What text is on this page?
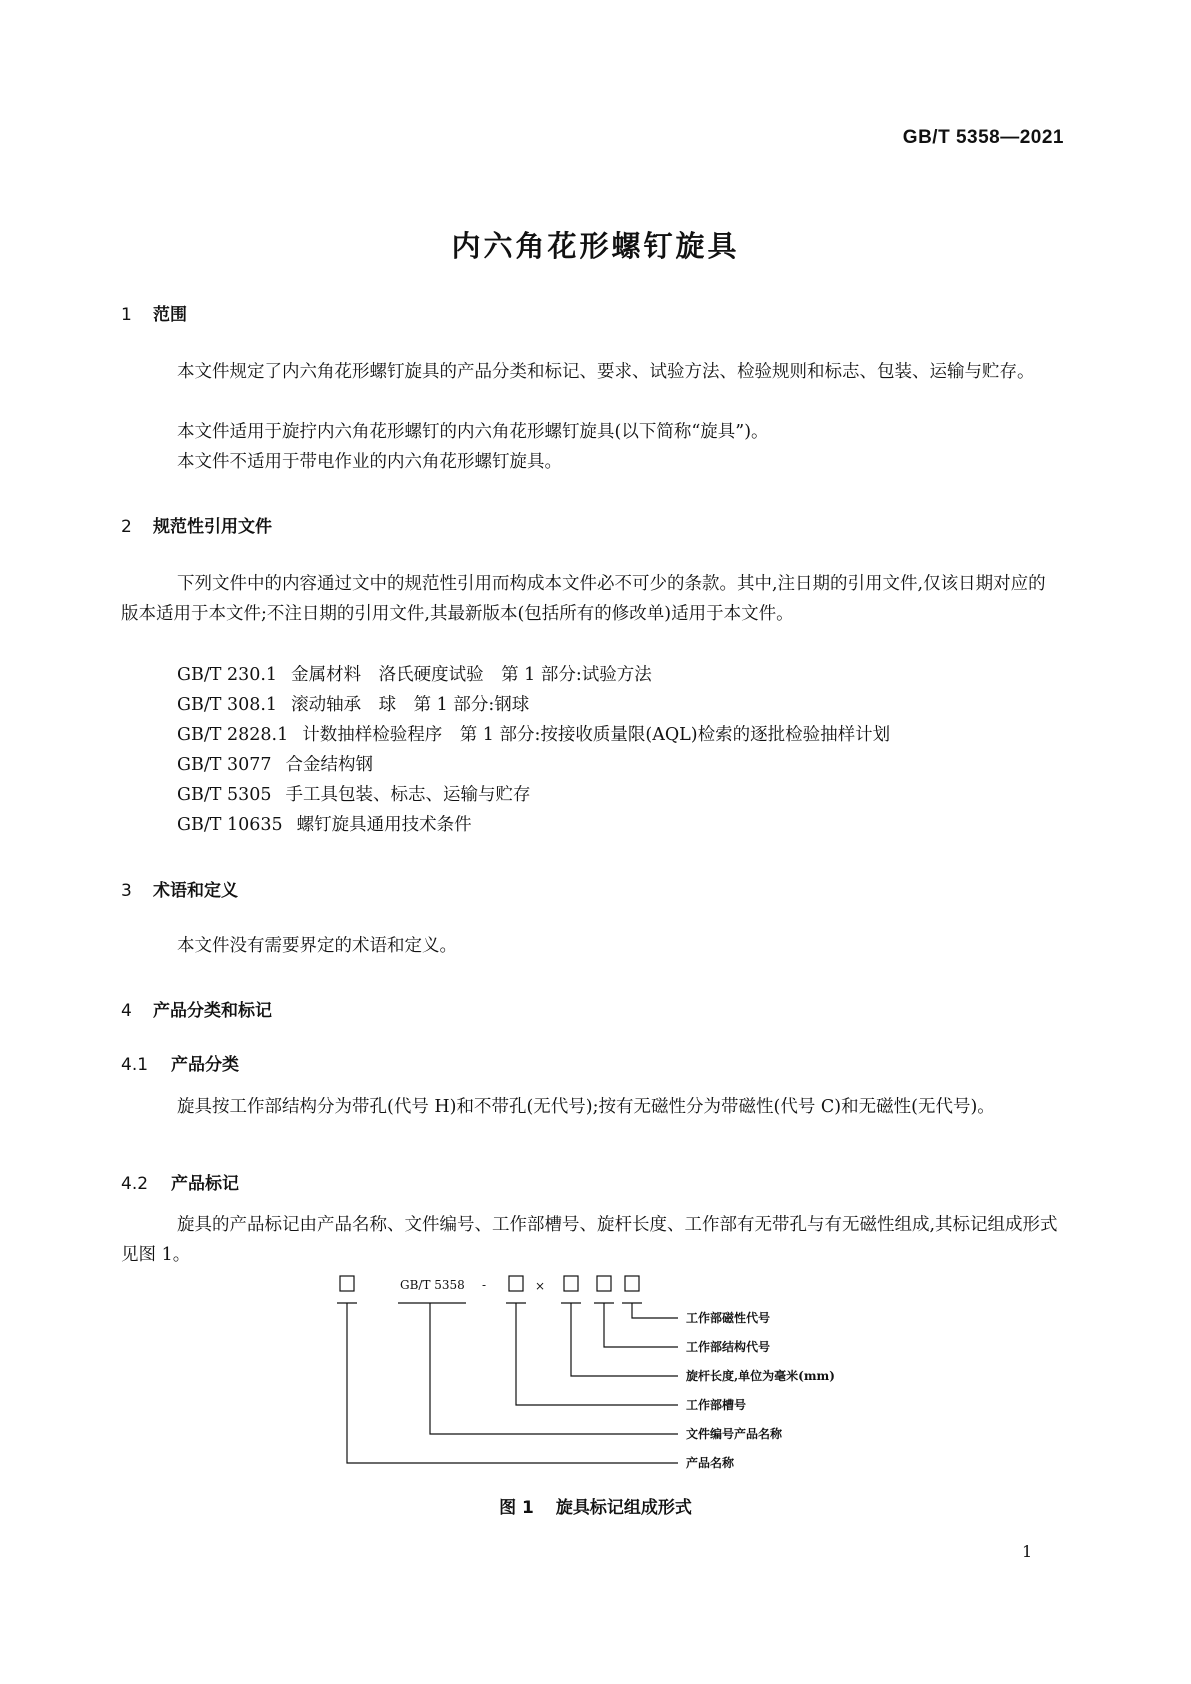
GB/T 5358—2021
内六角花形螺钉旋具
1 范围
本文件规定了内六角花形螺钉旋具的产品分类和标记、要求、试验方法、检验规则和标志、包装、运输与贮存。
本文件适用于旋拧内六角花形螺钉的内六角花形螺钉旋具(以下简称“旋具”)。
本文件不适用于带电作业的内六角花形螺钉旋具。
2 规范性引用文件
下列文件中的内容通过文中的规范性引用而构成本文件必不可少的条款。其中,注日期的引用文件,仅该日期对应的版本适用于本文件;不注日期的引用文件,其最新版本(包括所有的修改单)适用于本文件。
GB/T 230.1 金属材料　洛氏硬度试验　第 1 部分:试验方法
GB/T 308.1 滚动轴承　球　第 1 部分:钢球
GB/T 2828.1 计数抽样检验程序　第 1 部分:按接收质量限(AQL)检索的逐批检验抽样计划
GB/T 3077 合金结构钢
GB/T 5305 手工具包装、标志、运输与贮存
GB/T 10635 螺钉旋具通用技术条件
3 术语和定义
本文件没有需要界定的术语和定义。
4 产品分类和标记
4.1 产品分类
旋具按工作部结构分为带孔(代号 H)和不带孔(无代号);按有无磁性分为带磁性(代号 C)和无磁性(无代号)。
4.2 产品标记
旋具的产品标记由产品名称、文件编号、工作部槽号、旋杆长度、工作部有无带孔与有无磁性组成,其标记组成形式见图 1。
GB/T 5358 -	×
工作部磁性代号
工作部结构代号
旋杆长度,单位为毫米(mm)
工作部槽号
文件编号产品名称
产品名称
图 1 旋具标记组成形式
1
